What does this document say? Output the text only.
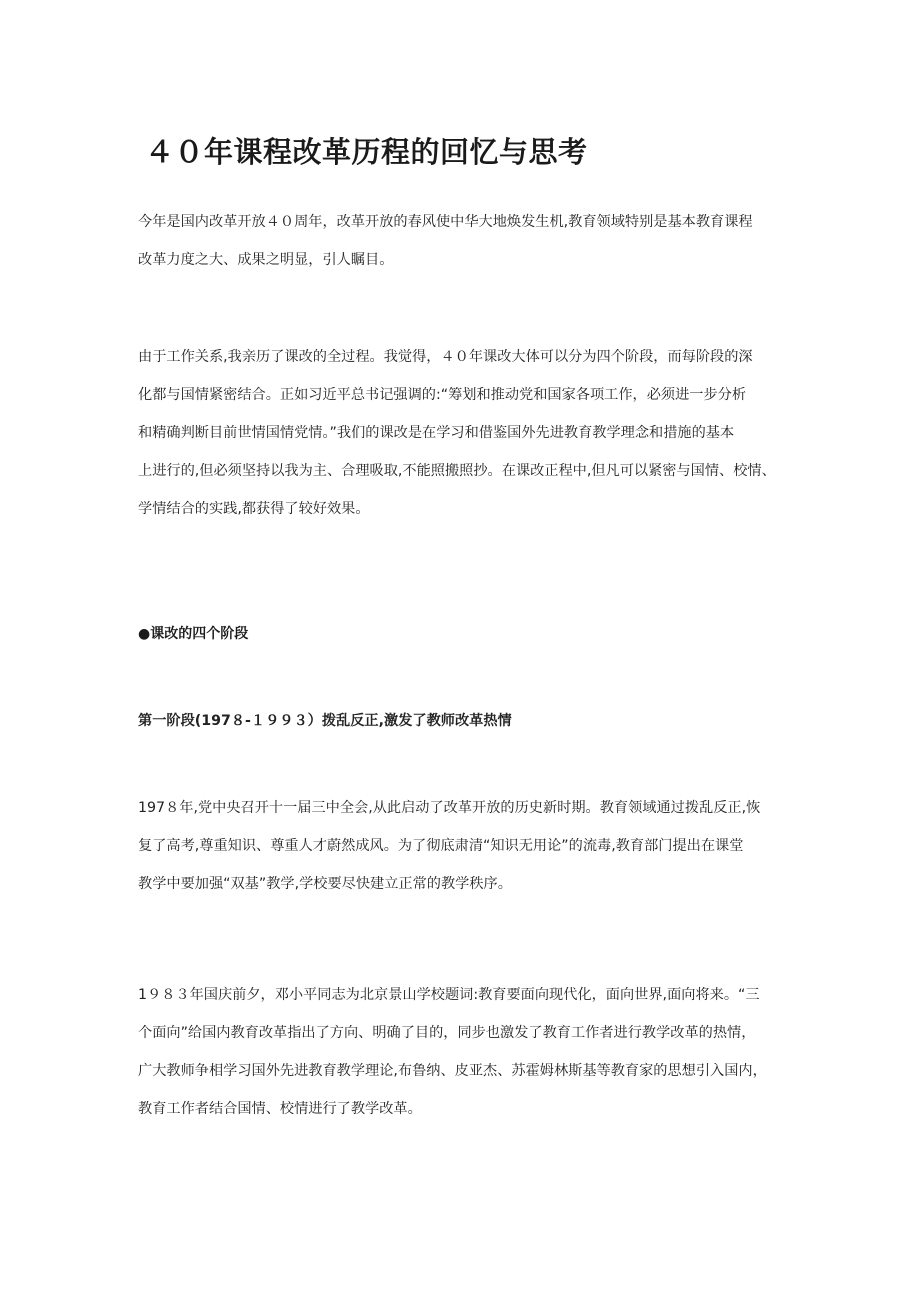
４０年课程改革历程的回忆与思考

今年是国内改革开放４０周年，改革开放的春风使中华大地焕发生机,教育领域特别是基本教育课程
改革力度之大、成果之明显，引人瞩目。

由于工作关系,我亲历了课改的全过程。我觉得，４０年课改大体可以分为四个阶段，而每阶段的深
化都与国情紧密结合。正如习近平总书记强调的:“筹划和推动党和国家各项工作，必须进一步分析
和精确判断目前世情国情党情。”我们的课改是在学习和借鉴国外先进教育教学理念和措施的基本
上进行的,但必须坚持以我为主、合理吸取,不能照搬照抄。在课改正程中,但凡可以紧密与国情、校情、
学情结合的实践,都获得了较好效果。

●课改的四个阶段
第一阶段(197８-１９９３）拨乱反正,激发了教师改革热情

197８年,党中央召开十一届三中全会,从此启动了改革开放的历史新时期。教育领域通过拨乱反正,恢
复了高考,尊重知识、尊重人才蔚然成风。为了彻底肃清“知识无用论”的流毒,教育部门提出在课堂
教学中要加强“双基”教学,学校要尽快建立正常的教学秩序。

1９８３年国庆前夕，邓小平同志为北京景山学校题词:教育要面向现代化，面向世界,面向将来。“三
个面向”给国内教育改革指出了方向、明确了目的，同步也激发了教育工作者进行教学改革的热情，
广大教师争相学习国外先进教育教学理论,布鲁纳、皮亚杰、苏霍姆林斯基等教育家的思想引入国内，
教育工作者结合国情、校情进行了教学改革。
